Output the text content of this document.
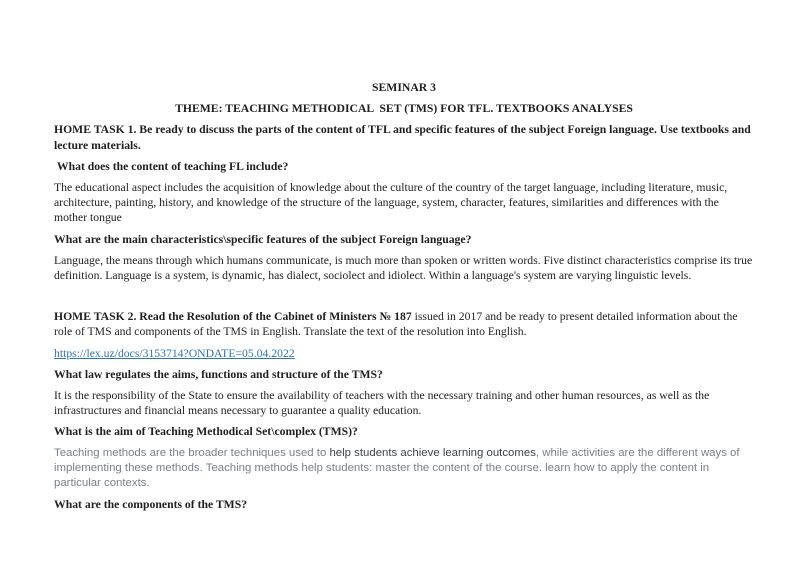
SEMINAR 3

THEME: TEACHING METHODICAL  SET (TMS) FOR TFL. TEXTBOOKS ANALYSES

HOME TASK 1. Be ready to discuss the parts of the content of TFL and specific features of the subject Foreign language. Use textbooks and lecture materials.

What does the content of teaching FL include?

The educational aspect includes the acquisition of knowledge about the culture of the country of the target language, including literature, music, architecture, painting, history, and knowledge of the structure of the language, system, character, features, similarities and differences with the mother tongue

What are the main characteristics\specific features of the subject Foreign language?

Language, the means through which humans communicate, is much more than spoken or written words. Five distinct characteristics comprise its true definition. Language is a system, is dynamic, has dialect, sociolect and idiolect. Within a language's system are varying linguistic levels.

HOME TASK 2. Read the Resolution of the Cabinet of Ministers № 187 issued in 2017 and be ready to present detailed information about the role of TMS and components of the TMS in English. Translate the text of the resolution into English.

https://lex.uz/docs/3153714?ONDATE=05.04.2022

What law regulates the aims, functions and structure of the TMS?

It is the responsibility of the State to ensure the availability of teachers with the necessary training and other human resources, as well as the infrastructures and financial means necessary to guarantee a quality education.

What is the aim of Teaching Methodical Set\complex (TMS)?

Teaching methods are the broader techniques used to help students achieve learning outcomes, while activities are the different ways of implementing these methods. Teaching methods help students: master the content of the course. learn how to apply the content in particular contexts.

What are the components of the TMS?
